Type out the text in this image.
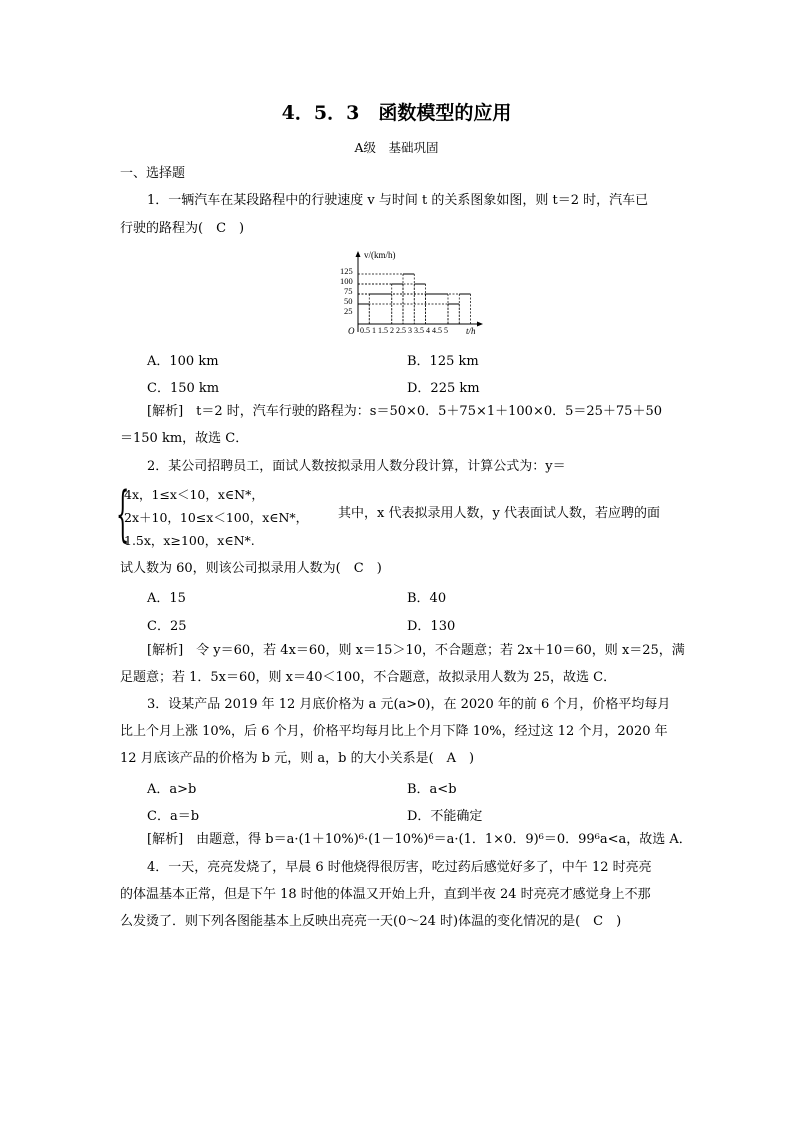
4．5．3　函数模型的应用
A级　基础巩固
一、选择题
1．一辆汽车在某段路程中的行驶速度 v 与时间 t 的关系图象如图，则 t＝2 时，汽车已
行驶的路程为(　C　)
v/(km/h)
t/h
O
125
100
75
50
25
0.5 1 1.5 2 2.5 3 3.5 4 4.5 5
A．100 km	B．125 km
C．150 km	D．225 km
[解析]　t＝2 时，汽车行驶的路程为：s＝50×0．5＋75×1＋100×0．5＝25＋75＋50
＝150 km，故选 C．
2．某公司招聘员工，面试人数按拟录用人数分段计算，计算公式为：y＝
{
4x，1≤x＜10，x∈N*，
2x＋10，10≤x＜100，x∈N*，
1.5x，x≥100，x∈N*.
其中，x 代表拟录用人数，y 代表面试人数，若应聘的面
试人数为 60，则该公司拟录用人数为(　C　)
A．15	B．40
C．25	D．130
[解析]　令 y＝60，若 4x＝60，则 x＝15＞10，不合题意；若 2x＋10＝60，则 x＝25，满
足题意；若 1．5x＝60，则 x＝40＜100，不合题意，故拟录用人数为 25，故选 C．
3．设某产品 2019 年 12 月底价格为 a 元(a>0)，在 2020 年的前 6 个月，价格平均每月
比上个月上涨 10%，后 6 个月，价格平均每月比上个月下降 10%，经过这 12 个月，2020 年
12 月底该产品的价格为 b 元，则 a，b 的大小关系是(　A　)
A．a>b	B．a<b
C．a＝b	D．不能确定
[解析]　由题意，得 b＝a·(1＋10%)⁶·(1－10%)⁶＝a·(1．1×0．9)⁶＝0．99⁶a<a，故选 A．
4．一天，亮亮发烧了，早晨 6 时他烧得很厉害，吃过药后感觉好多了，中午 12 时亮亮
的体温基本正常，但是下午 18 时他的体温又开始上升，直到半夜 24 时亮亮才感觉身上不那
么发烫了．则下列各图能基本上反映出亮亮一天(0～24 时)体温的变化情况的是(　C　)
